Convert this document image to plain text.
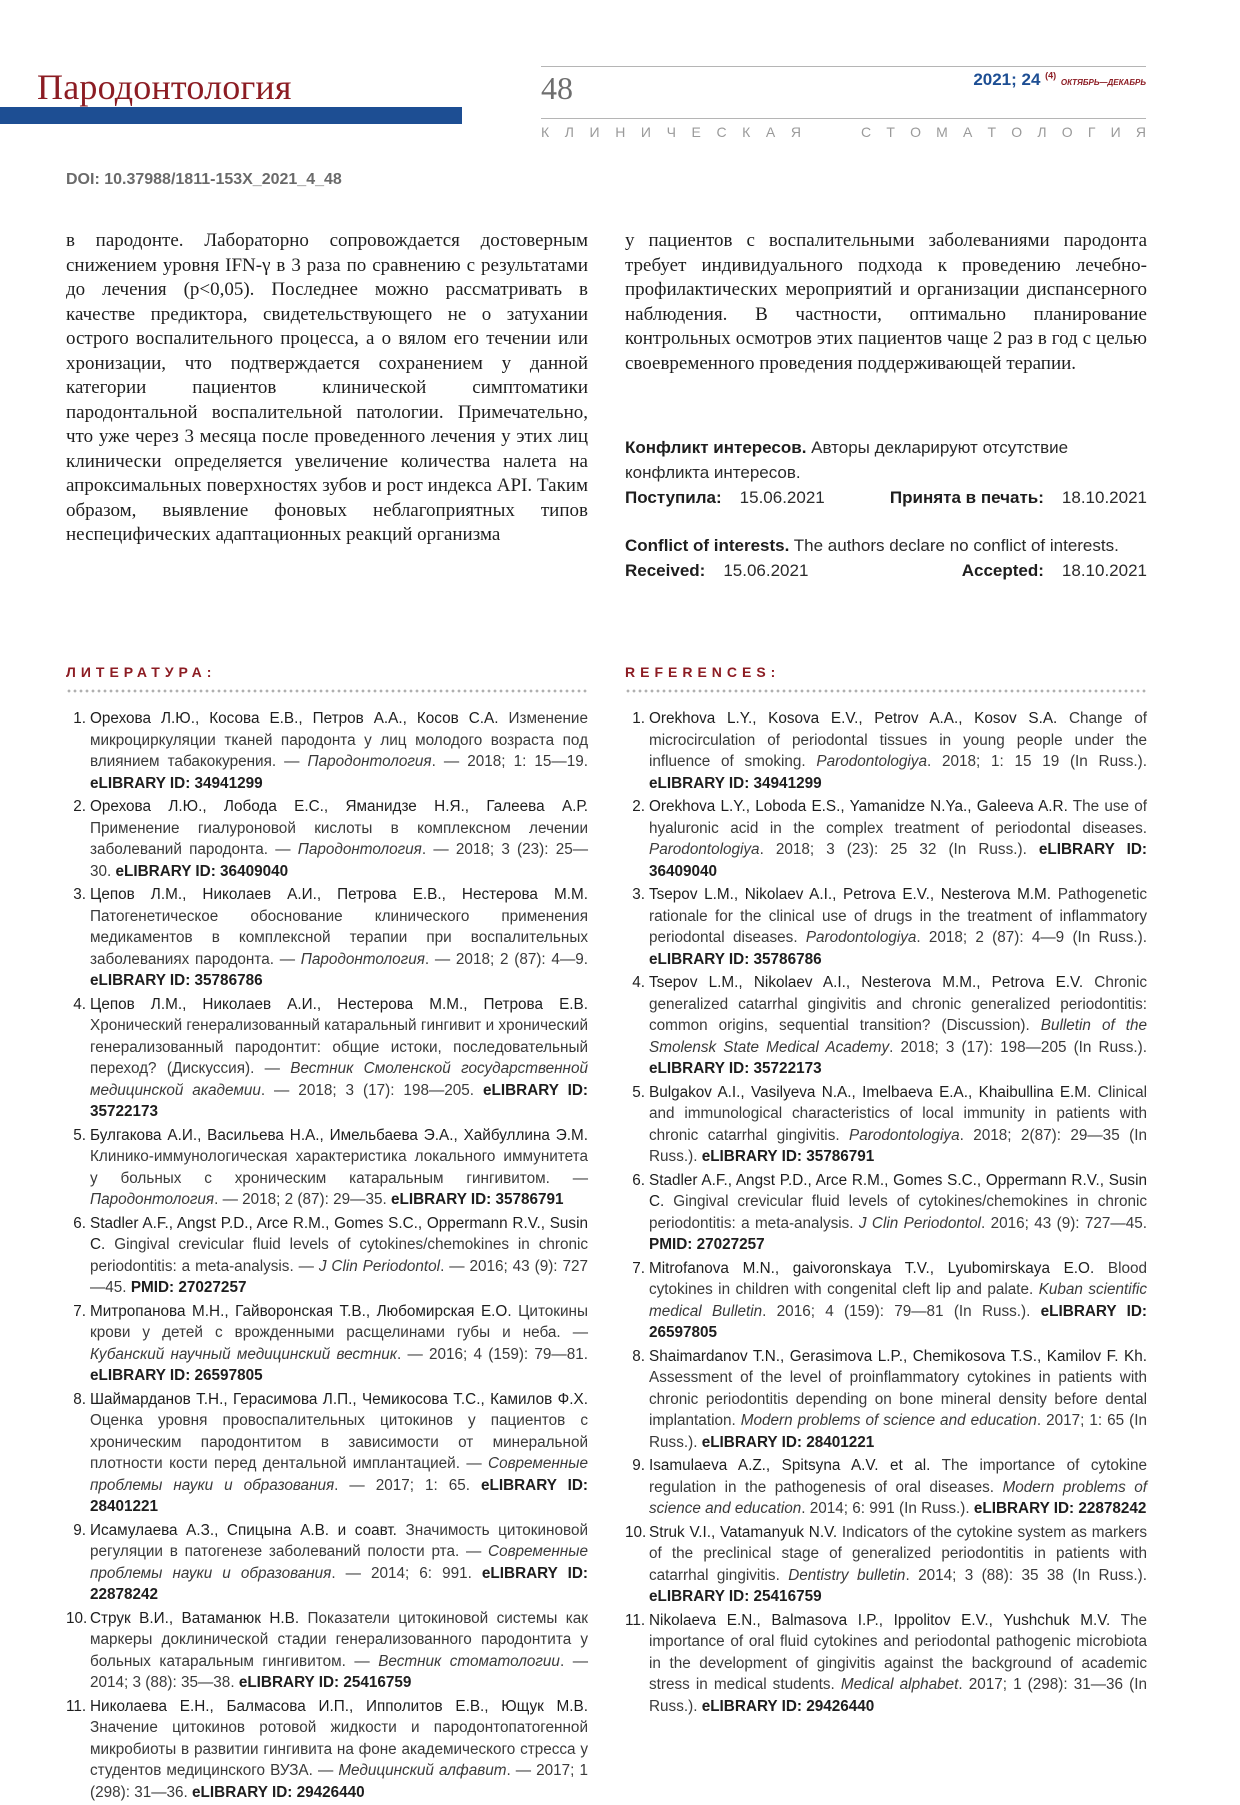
Пародонтология	48	2021; 24 $^{(4)}$ ОКТЯБРЬ—ДЕКАБРЬ
К Л И Н И Ч Е С К А Я	С Т О М А Т О Л О Г И Я
DOI: 10.37988/1811-153X_2021_4_48
в пародонте. Лабораторно сопровождается достоверным снижением уровня IFN-γ в 3 раза по сравнению с результатами до лечения (p<0,05). Последнее можно рассматривать в качестве предиктора, свидетельствующего не о затухании острого воспалительного процесса, а о вялом его течении или хронизации, что подтверждается сохранением у данной категории пациентов клинической симптоматики пародонтальной воспалительной патологии. Примечательно, что уже через 3 месяца после проведенного лечения у этих лиц клинически определяется увеличение количества налета на апроксимальных поверхностях зубов и рост индекса API. Таким образом, выявление фоновых неблагоприятных типов неспецифических адаптационных реакций организма
у пациентов с воспалительными заболеваниями пародонта требует индивидуального подхода к проведению лечебно-профилактических мероприятий и организации диспансерного наблюдения. В частности, оптимально планирование контрольных осмотров этих пациентов чаще 2 раз в год с целью своевременного проведения поддерживающей терапии.
Конфликт интересов. Авторы декларируют отсутствие конфликта интересов.
Поступила: 15.06.2021	Принята в печать: 18.10.2021
Conflict of interests. The authors declare no conflict of interests.
Received: 15.06.2021	Accepted: 18.10.2021
ЛИТЕРАТУРА:	REFERENCES:
1. Орехова Л.Ю., Косова Е.В., Петров А.А., Косов С.А. Изменение микроциркуляции тканей пародонта у лиц молодого возраста под влиянием табакокурения. — Пародонтология. — 2018; 1: 15—19. eLIBRARY ID: 34941299
2. Орехова Л.Ю., Лобода Е.С., Яманидзе Н.Я., Галеева А.Р. Применение гиалуроновой кислоты в комплексном лечении заболеваний пародонта. — Пародонтология. — 2018; 3 (23): 25— 30. eLIBRARY ID: 36409040
3. Цепов Л.М., Николаев А.И., Петрова Е.В., Нестерова М.М. Патогенетическое обоснование клинического применения медикаментов в комплексной терапии при воспалительных заболеваниях пародонта. — Пародонтология. — 2018; 2 (87): 4—9. eLIBRARY ID: 35786786
4. Цепов Л.М., Николаев А.И., Нестерова М.М., Петрова Е.В. Хронический генерализованный катаральный гингивит и хронический генерализованный пародонтит: общие истоки, последовательный переход? (Дискуссия). — Вестник Смоленской государственной медицинской академии. — 2018; 3 (17): 198—205. eLIBRARY ID: 35722173
5. Булгакова А.И., Васильева Н.А., Имельбаева Э.А., Хайбуллина Э.М. Клинико-иммунологическая характеристика локального иммунитета у больных с хроническим катаральным гингивитом. — Пародонтология. — 2018; 2 (87): 29—35. eLIBRARY ID: 35786791
6. Stadler A.F., Angst P.D., Arce R.M., Gomes S.C., Oppermann R.V., Susin C. Gingival crevicular fluid levels of cytokines/chemokines in chronic periodontitis: a meta-analysis. — J Clin Periodontol. — 2016; 43 (9): 727—45. PMID: 27027257
7. Митропанова М.Н., Гайворонская Т.В., Любомирская Е.О. Цитокины крови у детей с врожденными расщелинами губы и неба. — Кубанский научный медицинский вестник. — 2016; 4 (159): 79—81. eLIBRARY ID: 26597805
8. Шаймарданов Т.Н., Герасимова Л.П., Чемикосова Т.С., Камилов Ф.Х. Оценка уровня провоспалительных цитокинов у пациентов с хроническим пародонтитом в зависимости от минеральной плотности кости перед дентальной имплантацией. — Современные проблемы науки и образования. — 2017; 1: 65. eLIBRARY ID: 28401221
9. Исамулаева А.З., Спицына А.В. и соавт. Значимость цитокиновой регуляции в патогенезе заболеваний полости рта. — Современные проблемы науки и образования. — 2014; 6: 991. eLIBRARY ID: 22878242
10. Струк В.И., Ватаманюк Н.В. Показатели цитокиновой системы как маркеры доклинической стадии генерализованного пародонтита у больных катаральным гингивитом. — Вестник стоматологии. — 2014; 3 (88): 35—38. eLIBRARY ID: 25416759
11. Николаева Е.Н., Балмасова И.П., Ипполитов Е.В., Ющук М.В. Значение цитокинов ротовой жидкости и пародонтопатогенной микробиоты в развитии гингивита на фоне академического стресса у студентов медицинского ВУЗА. — Медицинский алфавит. — 2017; 1 (298): 31—36. eLIBRARY ID: 29426440
1. Orekhova L.Y., Kosova E.V., Petrov A.A., Kosov S.A. Change of microcirculation of periodontal tissues in young people under the influence of smoking. Parodontologiya. 2018; 1: 15 19 (In Russ.). eLIBRARY ID: 34941299
2. Orekhova L.Y., Loboda E.S., Yamanidze N.Ya., Galeeva A.R. The use of hyaluronic acid in the complex treatment of periodontal diseases. Parodontologiya. 2018; 3 (23): 25 32 (In Russ.). eLIBRARY ID: 36409040
3. Tsepov L.M., Nikolaev A.I., Petrova E.V., Nesterova M.M. Pathogenetic rationale for the clinical use of drugs in the treatment of inflammatory periodontal diseases. Parodontologiya. 2018; 2 (87): 4—9 (In Russ.). eLIBRARY ID: 35786786
4. Tsepov L.M., Nikolaev A.I., Nesterova M.M., Petrova E.V. Chronic generalized catarrhal gingivitis and chronic generalized periodontitis: common origins, sequential transition? (Discussion). Bulletin of the Smolensk State Medical Academy. 2018; 3 (17): 198—205 (In Russ.). eLIBRARY ID: 35722173
5. Bulgakov A.I., Vasilyeva N.A., Imelbaeva E.A., Khaibullina E.M. Clinical and immunological characteristics of local immunity in patients with chronic catarrhal gingivitis. Parodontologiya. 2018; 2(87): 29—35 (In Russ.). eLIBRARY ID: 35786791
6. Stadler A.F., Angst P.D., Arce R.M., Gomes S.C., Oppermann R.V., Susin C. Gingival crevicular fluid levels of cytokines/chemokines in chronic periodontitis: a meta-analysis. J Clin Periodontol. 2016; 43 (9): 727—45. PMID: 27027257
7. Mitrofanova M.N., gaivoronskaya T.V., Lyubomirskaya E.O. Blood cytokines in children with congenital cleft lip and palate. Kuban scientific medical Bulletin. 2016; 4 (159): 79—81 (In Russ.). eLIBRARY ID: 26597805
8. Shaimardanov T.N., Gerasimova L.P., Chemikosova T.S., Kamilov F. Kh. Assessment of the level of proinflammatory cytokines in patients with chronic periodontitis depending on bone mineral density before dental implantation. Modern problems of science and education. 2017; 1: 65 (In Russ.). eLIBRARY ID: 28401221
9. Isamulaeva A.Z., Spitsyna A.V. et al. The importance of cytokine regulation in the pathogenesis of oral diseases. Modern problems of science and education. 2014; 6: 991 (In Russ.). eLIBRARY ID: 22878242
10. Struk V.I., Vatamanyuk N.V. Indicators of the cytokine system as markers of the preclinical stage of generalized periodontitis in patients with catarrhal gingivitis. Dentistry bulletin. 2014; 3 (88): 35 38 (In Russ.). eLIBRARY ID: 25416759
11. Nikolaeva E.N., Balmasova I.P., Ippolitov E.V., Yushchuk M.V. The importance of oral fluid cytokines and periodontal pathogenic microbiota in the development of gingivitis against the background of academic stress in medical students. Medical alphabet. 2017; 1 (298): 31—36 (In Russ.). eLIBRARY ID: 29426440
